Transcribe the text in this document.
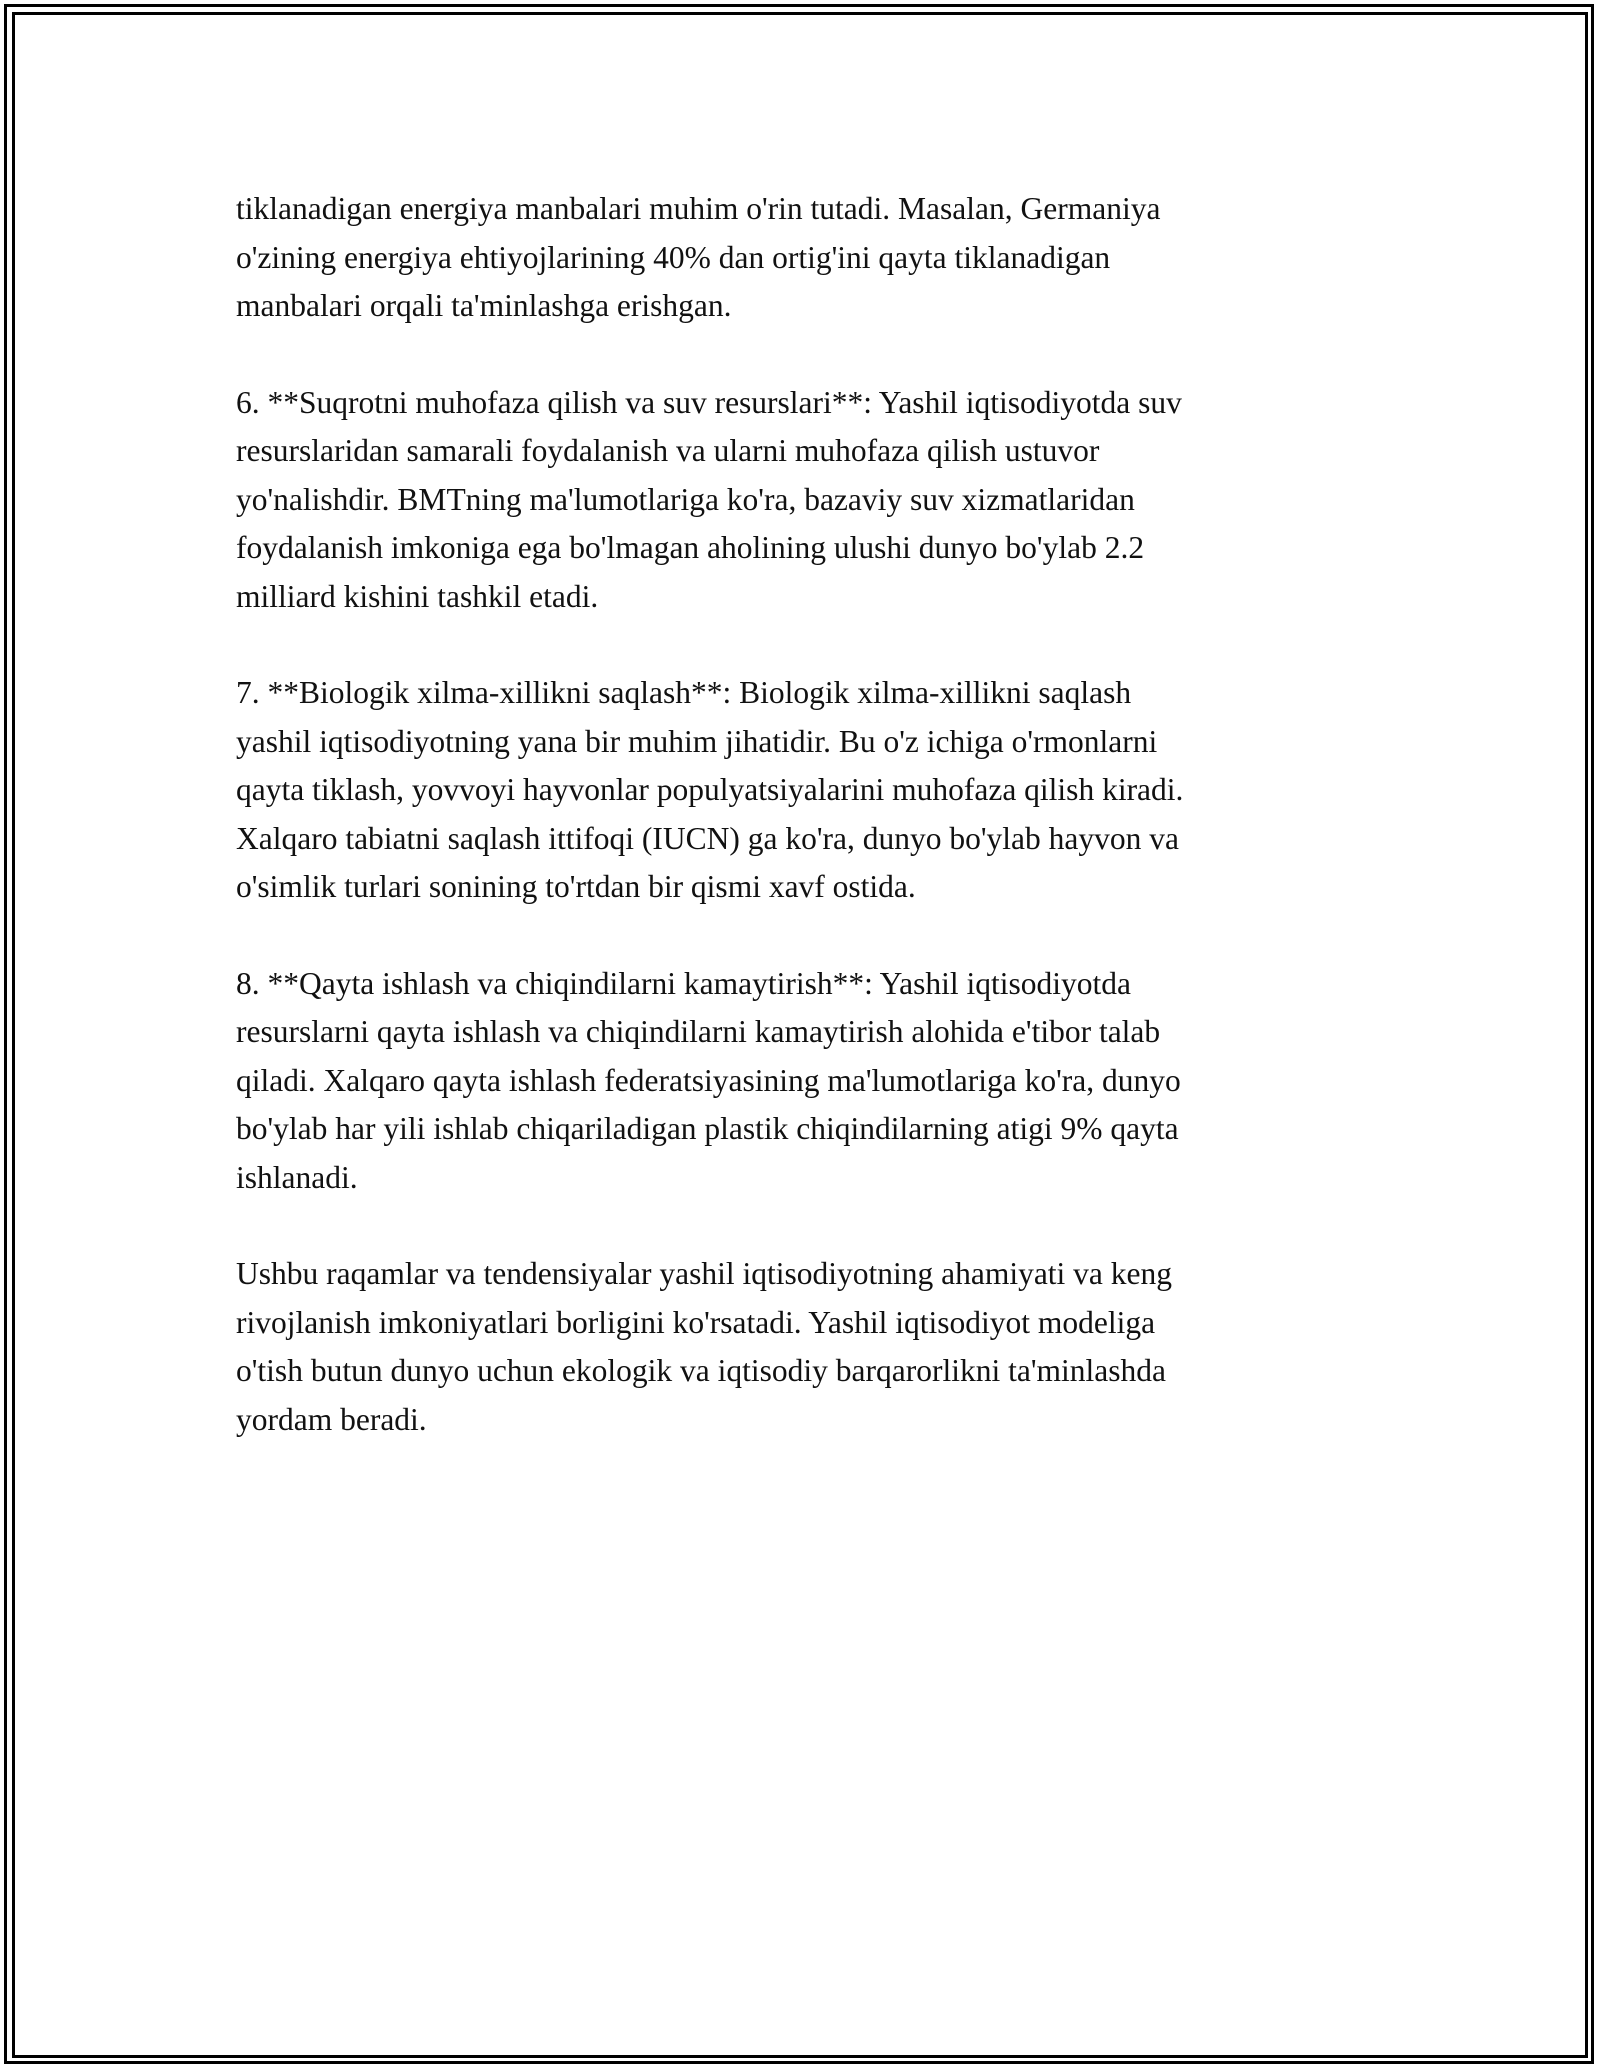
tiklanadigan energiya manbalari muhim o'rin tutadi. Masalan, Germaniya
o'zining energiya ehtiyojlarining 40% dan ortig'ini qayta tiklanadigan
manbalari orqali ta'minlashga erishgan.

6. **Suqrotni muhofaza qilish va suv resurslari**: Yashil iqtisodiyotda suv
resurslaridan samarali foydalanish va ularni muhofaza qilish ustuvor
yo'nalishdir. BMTning ma'lumotlariga ko'ra, bazaviy suv xizmatlaridan
foydalanish imkoniga ega bo'lmagan aholining ulushi dunyo bo'ylab 2.2
milliard kishini tashkil etadi.

7. **Biologik xilma-xillikni saqlash**: Biologik xilma-xillikni saqlash
yashil iqtisodiyotning yana bir muhim jihatidir. Bu o'z ichiga o'rmonlarni
qayta tiklash, yovvoyi hayvonlar populyatsiyalarini muhofaza qilish kiradi.
Xalqaro tabiatni saqlash ittifoqi (IUCN) ga ko'ra, dunyo bo'ylab hayvon va
o'simlik turlari sonining to'rtdan bir qismi xavf ostida.

8. **Qayta ishlash va chiqindilarni kamaytirish**: Yashil iqtisodiyotda
resurslarni qayta ishlash va chiqindilarni kamaytirish alohida e'tibor talab
qiladi. Xalqaro qayta ishlash federatsiyasining ma'lumotlariga ko'ra, dunyo
bo'ylab har yili ishlab chiqariladigan plastik chiqindilarning atigi 9% qayta
ishlanadi.

Ushbu raqamlar va tendensiyalar yashil iqtisodiyotning ahamiyati va keng
rivojlanish imkoniyatlari borligini ko'rsatadi. Yashil iqtisodiyot modeliga
o'tish butun dunyo uchun ekologik va iqtisodiy barqarorlikni ta'minlashda
yordam beradi.
